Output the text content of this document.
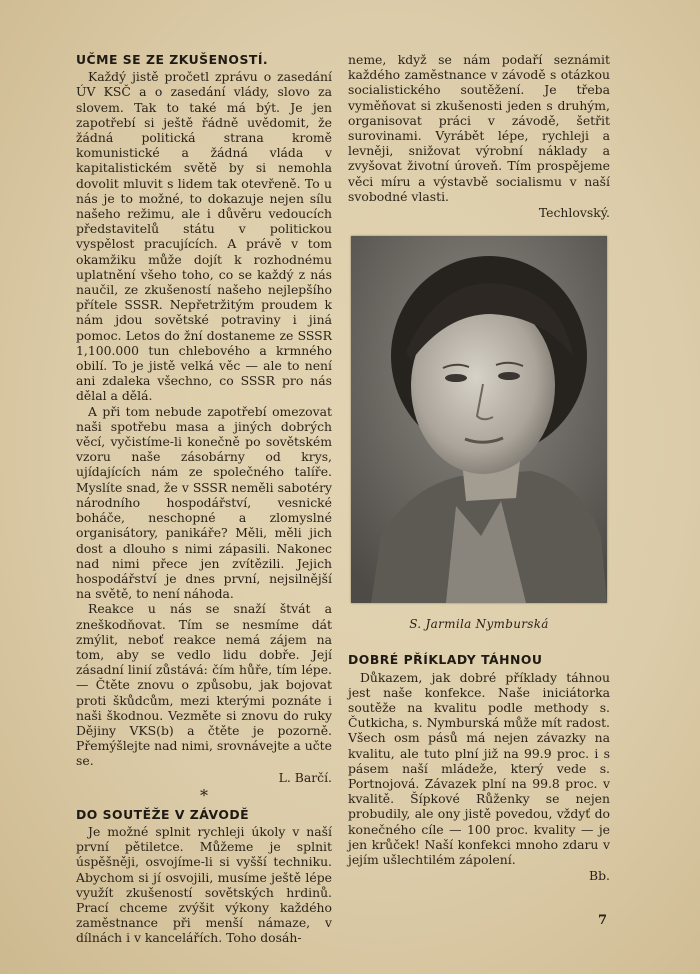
UČME SE ZE ZKUŠENOSTÍ.

Každý jistě pročetl zprávu o zasedání ÚV KSČ a o zasedání vlády, slovo za slovem. Tak to také má být. Je jen zapotřebí si ještě řádně uvědomit, že žádná politická strana kromě komunistické a žádná vláda v kapitalistickém světě by si nemohla dovolit mluvit s lidem tak otevřeně. To u nás je to možné, to dokazuje nejen sílu našeho režimu, ale i důvěru vedoucích představitelů státu v politickou vyspělost pracujících. A právě v tom okamžiku může dojít k rozhodnému uplatnění všeho toho, co se každý z nás naučil, ze zkušeností našeho nejlepšího přítele SSSR. Nepřetržitým proudem k nám jdou sovětské potraviny i jiná pomoc. Letos do žní dostaneme ze SSSR 1,100.000 tun chlebového a krmného obilí. To je jistě velká věc — ale to není ani zdaleka všechno, co SSSR pro nás dělal a dělá.

A při tom nebude zapotřebí omezovat naši spotřebu masa a jiných dobrých věcí, vyčistíme-li konečně po sovětském vzoru naše zásobárny od krys, ujídajících nám ze společného talíře. Myslíte snad, že v SSSR neměli sabotéry národního hospodářství, vesnické boháče, neschopné a zlomyslné organisátory, panikáře? Měli, měli jich dost a dlouho s nimi zápasili. Nakonec nad nimi přece jen zvítězili. Jejich hospodářství je dnes první, nejsilnější na světě, to není náhoda.

Reakce u nás se snaží štvát a zneškodňovat. Tím se nesmíme dát zmýlit, neboť reakce nemá zájem na tom, aby se vedlo lidu dobře. Její zásadní linií zůstává: čím hůře, tím lépe. — Čtěte znovu o způsobu, jak bojovat proti škůdcům, mezi kterými poznáte i naši škodnou. Vezměte si znovu do ruky Dějiny VKS(b) a čtěte je pozorně. Přemýšlejte nad nimi, srovnávejte a učte se.

L. Barčí.
*
DO SOUTĚŽE V ZÁVODĚ

Je možné splnit rychleji úkoly v naší první pětiletce. Můžeme je splnit úspěšněji, osvojíme-li si vyšší techniku. Abychom si jí osvojili, musíme ještě lépe využít zkušeností sovětských hrdinů. Prací chceme zvýšit výkony každého zaměstnance při menší námaze, v dílnách i v kancelářích. Toho dosáh-

neme, když se nám podaří seznámit každého zaměstnance v závodě s otázkou socialistického soutěžení. Je třeba vyměňovat si zkušenosti jeden s druhým, organisovat práci v závodě, šetřit surovinami. Vyrábět lépe, rychleji a levněji, snižovat výrobní náklady a zvyšovat životní úroveň. Tím prospějeme věci míru a výstavbě socialismu v naší svobodné vlasti.

Techlovský.
S. Jarmila Nymburská
DOBRÉ PŘÍKLADY TÁHNOU

Důkazem, jak dobré příklady táhnou jest naše konfekce. Naše iniciátorka soutěže na kvalitu podle methody s. Čutkicha, s. Nymburská může mít radost. Všech osm pásů má nejen závazky na kvalitu, ale tuto plní již na 99.9 proc. i s pásem naší mládeže, který vede s. Portnojová. Závazek plní na 99.8 proc. v kvalitě. Šípkové Růženky se nejen probudily, ale ony jistě povedou, vždyť do konečného cíle — 100 proc. kvality — je jen krůček! Naší konfekci mnoho zdaru v jejím ušlechtilém zápolení.

Bb.
7
